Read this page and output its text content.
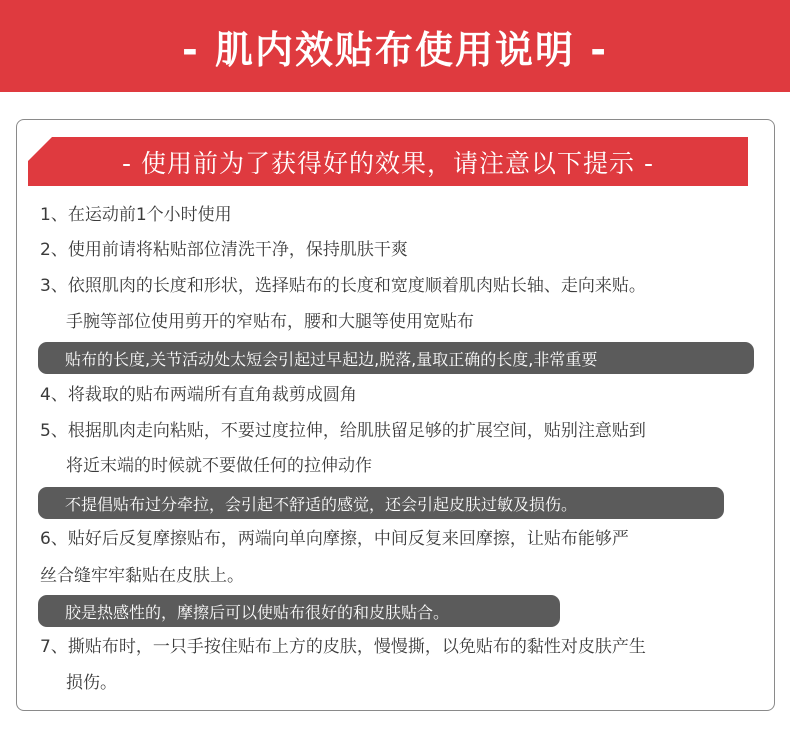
- 肌内效贴布使用说明 -
- 使用前为了获得好的效果，请注意以下提示 -
1、在运动前1个小时使用
2、使用前请将粘贴部位清洗干净，保持肌肤干爽
3、依照肌肉的长度和形状，选择贴布的长度和宽度顺着肌肉贴长轴、走向来贴。
手腕等部位使用剪开的窄贴布，腰和大腿等使用宽贴布
贴布的长度,关节活动处太短会引起过早起边,脱落,量取正确的长度,非常重要
4、将裁取的贴布两端所有直角裁剪成圆角
5、根据肌肉走向粘贴，不要过度拉伸，给肌肤留足够的扩展空间，贴别注意贴到
将近末端的时候就不要做任何的拉伸动作
不提倡贴布过分牵拉，会引起不舒适的感觉，还会引起皮肤过敏及损伤。
6、贴好后反复摩擦贴布，两端向单向摩擦，中间反复来回摩擦，让贴布能够严
丝合缝牢牢黏贴在皮肤上。
胶是热感性的，摩擦后可以使贴布很好的和皮肤贴合。
7、撕贴布时，一只手按住贴布上方的皮肤，慢慢撕，以免贴布的黏性对皮肤产生
损伤。
